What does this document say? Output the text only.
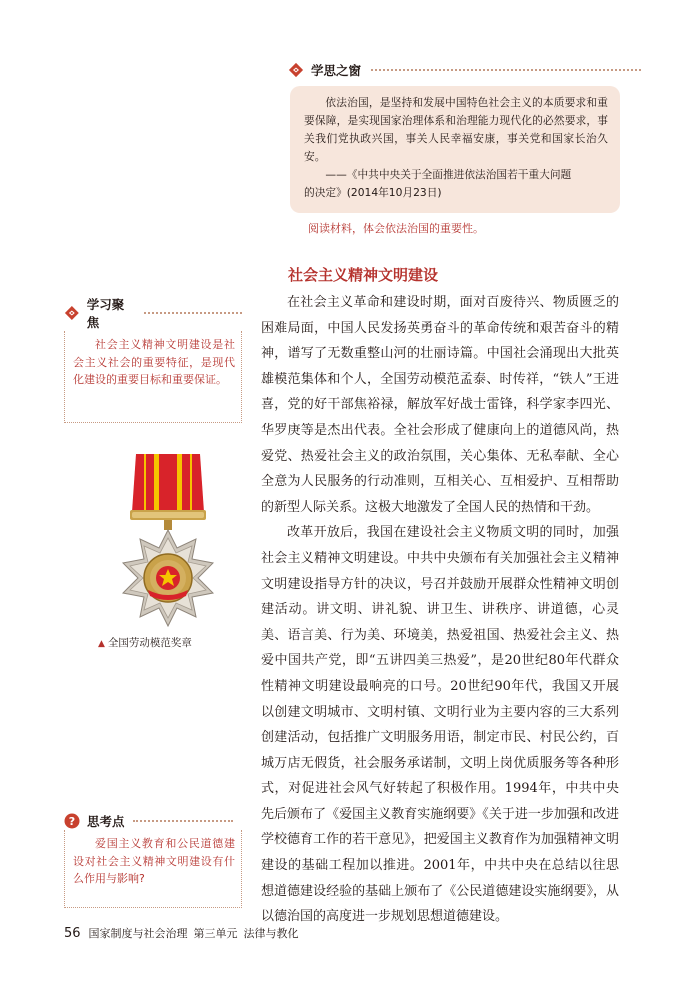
学思之窗

依法治国，是坚持和发展中国特色社会主义的本质要求和重要保障，是实现国家治理体系和治理能力现代化的必然要求，事关我们党执政兴国，事关人民幸福安康，事关党和国家长治久安。

——《中共中央关于全面推进依法治国若干重大问题

的决定》(2014年10月23日)

阅读材料，体会依法治国的重要性。
社会主义精神文明建设
学习聚焦
社会主义精神文明建设是社会主义社会的重要特征，是现代化建设的重要目标和重要保证。
▲ 全国劳动模范奖章
? 思考点
爱国主义教育和公民道德建设对社会主义精神文明建设有什么作用与影响?

在社会主义革命和建设时期，面对百废待兴、物质匮乏的困难局面，中国人民发扬英勇奋斗的革命传统和艰苦奋斗的精神，谱写了无数重整山河的壮丽诗篇。中国社会涌现出大批英雄模范集体和个人，全国劳动模范孟泰、时传祥，“铁人”王进喜，党的好干部焦裕禄，解放军好战士雷锋，科学家李四光、华罗庚等是杰出代表。全社会形成了健康向上的道德风尚，热爱党、热爱社会主义的政治氛围，关心集体、无私奉献、全心全意为人民服务的行动准则，互相关心、互相爱护、互相帮助的新型人际关系。这极大地激发了全国人民的热情和干劲。

改革开放后，我国在建设社会主义物质文明的同时，加强社会主义精神文明建设。中共中央颁布有关加强社会主义精神文明建设指导方针的决议，号召并鼓励开展群众性精神文明创建活动。讲文明、讲礼貌、讲卫生、讲秩序、讲道德，心灵美、语言美、行为美、环境美，热爱祖国、热爱社会主义、热爱中国共产党，即“五讲四美三热爱”，是20世纪80年代群众性精神文明建设最响亮的口号。20世纪90年代，我国又开展以创建文明城市、文明村镇、文明行业为主要内容的三大系列创建活动，包括推广文明服务用语，制定市民、村民公约，百城万店无假货，社会服务承诺制，文明上岗优质服务等各种形式，对促进社会风气好转起了积极作用。1994年，中共中央先后颁布了《爱国主义教育实施纲要》《关于进一步加强和改进学校德育工作的若干意见》，把爱国主义教育作为加强精神文明建设的基础工程加以推进。2001年，中共中央在总结以往思想道德建设经验的基础上颁布了《公民道德建设实施纲要》，从以德治国的高度进一步规划思想道德建设。

56 国家制度与社会治理 第三单元 法律与教化
